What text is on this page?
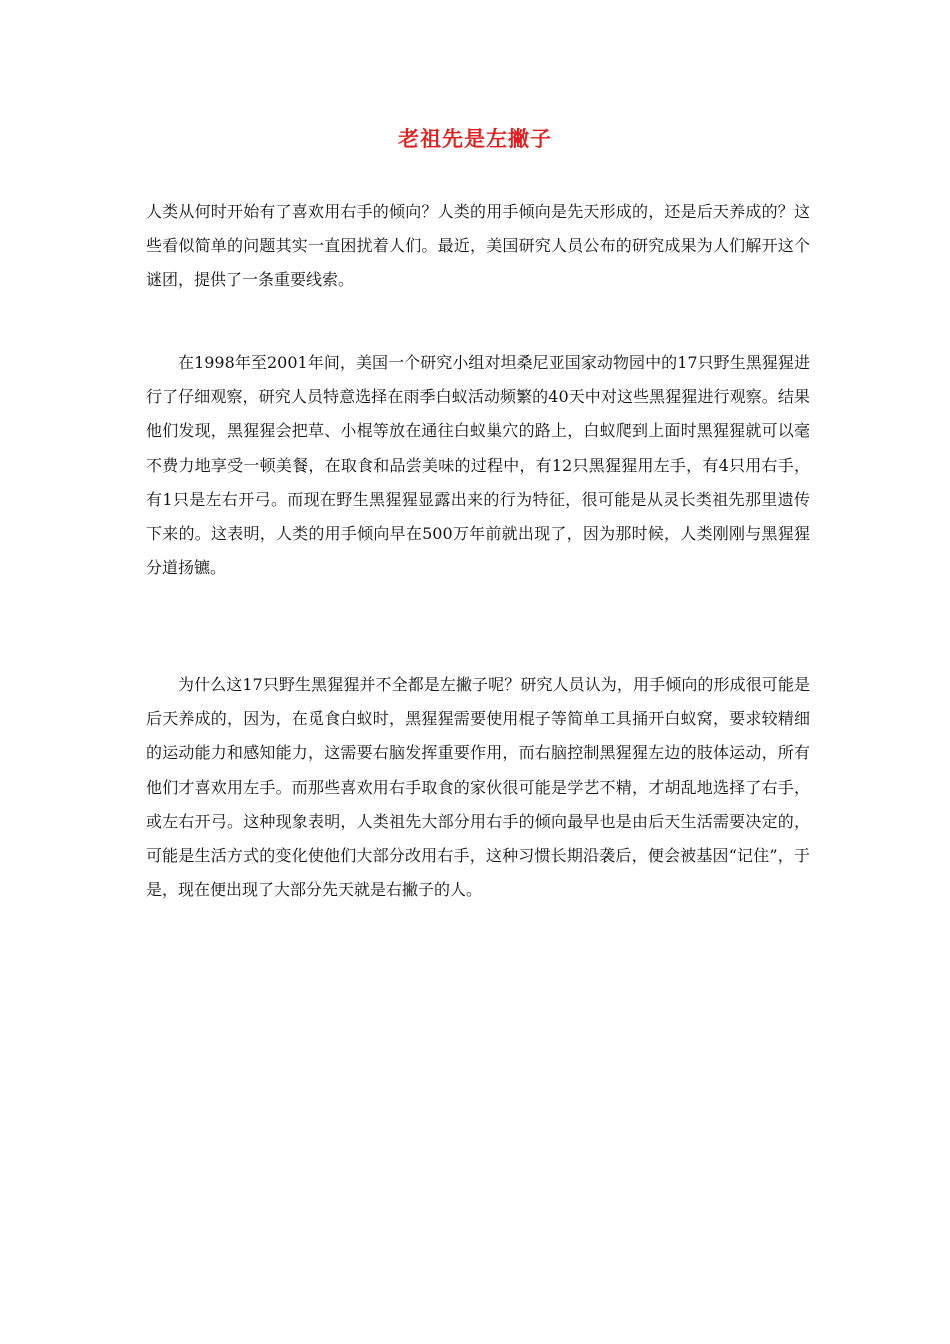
老祖先是左撇子

人类从何时开始有了喜欢用右手的倾向？人类的用手倾向是先天形成的，还是后天养成的？这些看似简单的问题其实一直困扰着人们。最近，美国研究人员公布的研究成果为人们解开这个谜团，提供了一条重要线索。

在1998年至2001年间，美国一个研究小组对坦桑尼亚国家动物园中的17只野生黑猩猩进行了仔细观察，研究人员特意选择在雨季白蚁活动频繁的40天中对这些黑猩猩进行观察。结果他们发现，黑猩猩会把草、小棍等放在通往白蚁巢穴的路上，白蚁爬到上面时黑猩猩就可以毫不费力地享受一顿美餐，在取食和品尝美味的过程中，有12只黑猩猩用左手，有4只用右手，有1只是左右开弓。而现在野生黑猩猩显露出来的行为特征，很可能是从灵长类祖先那里遗传下来的。这表明，人类的用手倾向早在500万年前就出现了，因为那时候，人类刚刚与黑猩猩分道扬镳。

为什么这17只野生黑猩猩并不全都是左撇子呢？研究人员认为，用手倾向的形成很可能是后天养成的，因为，在觅食白蚁时，黑猩猩需要使用棍子等简单工具捅开白蚁窝，要求较精细的运动能力和感知能力，这需要右脑发挥重要作用，而右脑控制黑猩猩左边的肢体运动，所有他们才喜欢用左手。而那些喜欢用右手取食的家伙很可能是学艺不精，才胡乱地选择了右手，或左右开弓。这种现象表明，人类祖先大部分用右手的倾向最早也是由后天生活需要决定的，可能是生活方式的变化使他们大部分改用右手，这种习惯长期沿袭后，便会被基因“记住”，于是，现在便出现了大部分先天就是右撇子的人。
